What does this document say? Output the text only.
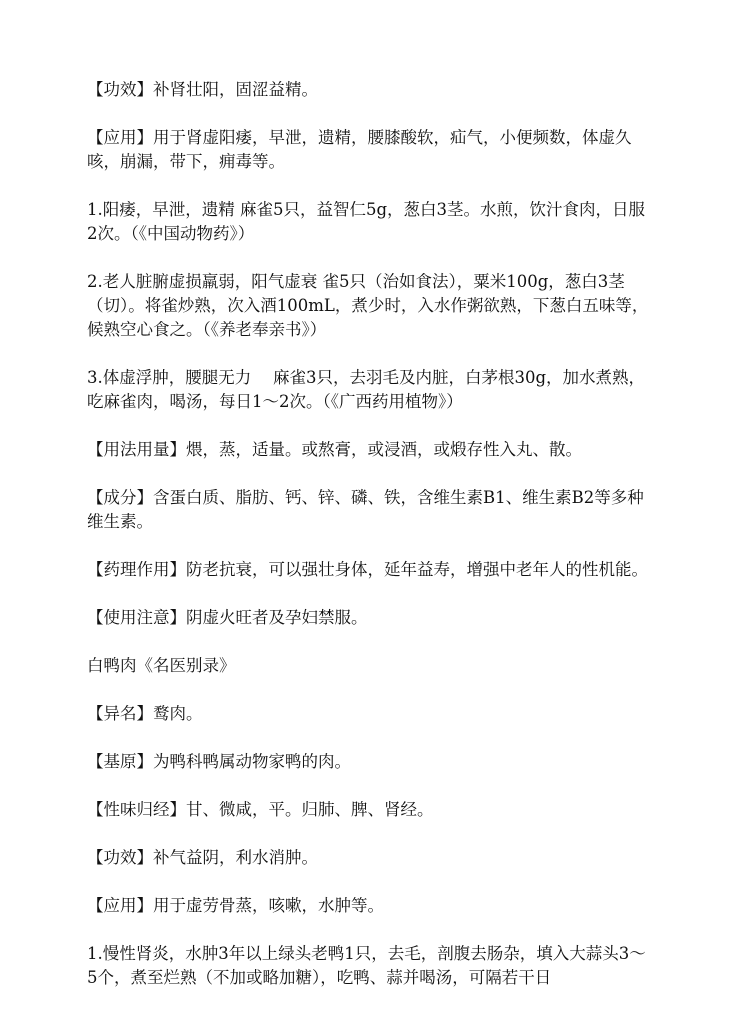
【功效】补肾壮阳，固涩益精。

【应用】用于肾虚阳痿，早泄，遗精，腰膝酸软，疝气，小便频数，体虚久咳，崩漏，带下，痈毒等。

1.阳痿，早泄，遗精 麻雀5只，益智仁5g，葱白3茎。水煎，饮汁食肉，日服2次。（《中国动物药》）

2.老人脏腑虚损羸弱，阳气虚衰 雀5只（治如食法），粟米100g，葱白3茎（切）。将雀炒熟，次入酒100mL，煮少时，入水作粥欲熟，下葱白五味等，候熟空心食之。（《养老奉亲书》）

3.体虚浮肿，腰腿无力　 麻雀3只，去羽毛及内脏，白茅根30g，加水煮熟，吃麻雀肉，喝汤，每日1～2次。（《广西药用植物》）

【用法用量】煨，蒸，适量。或熬膏，或浸酒，或煅存性入丸、散。

【成分】含蛋白质、脂肪、钙、锌、磷、铁，含维生素B1、维生素B2等多种维生素。

【药理作用】防老抗衰，可以强壮身体，延年益寿，增强中老年人的性机能。

【使用注意】阴虚火旺者及孕妇禁服。

白鸭肉《名医别录》

【异名】鹜肉。

【基原】为鸭科鸭属动物家鸭的肉。

【性味归经】甘、微咸，平。归肺、脾、肾经。

【功效】补气益阴，利水消肿。

【应用】用于虚劳骨蒸，咳嗽，水肿等。

1.慢性肾炎，水肿3年以上绿头老鸭1只，去毛，剖腹去肠杂，填入大蒜头3～5个，煮至烂熟（不加或略加糖），吃鸭、蒜并喝汤，可隔若干日
